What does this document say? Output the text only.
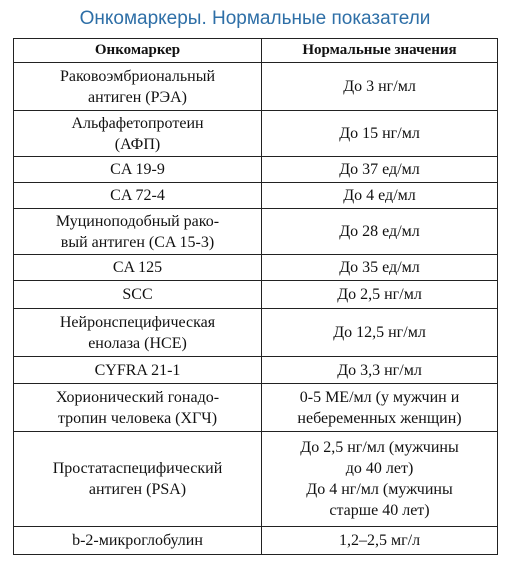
Онкомаркеры. Нормальные показатели
Онкомаркер	Нормальные значения
Раковоэмбриональный
антиген (РЭА)	До 3 нг/мл
Альфафетопротеин
(АФП)	До 15 нг/мл
CA 19-9	До 37 ед/мл
CA 72-4	До 4 ед/мл
Муциноподобный рако-
вый антиген (CA 15-3)	До 28 ед/мл
CA 125	До 35 ед/мл
SCC	До 2,5 нг/мл
Нейронспецифическая
енолаза (НСЕ)	До 12,5 нг/мл
CYFRA 21-1	До 3,3 нг/мл
Хорионический гонадо-
тропин человека (ХГЧ)	0-5 МЕ/мл (у мужчин и
небеременных женщин)
Простатаспецифический
антиген (PSA)	До 2,5 нг/мл (мужчины
до 40 лет)
До 4 нг/мл (мужчины
старше 40 лет)
b-2-микроглобулин	1,2–2,5 мг/л
